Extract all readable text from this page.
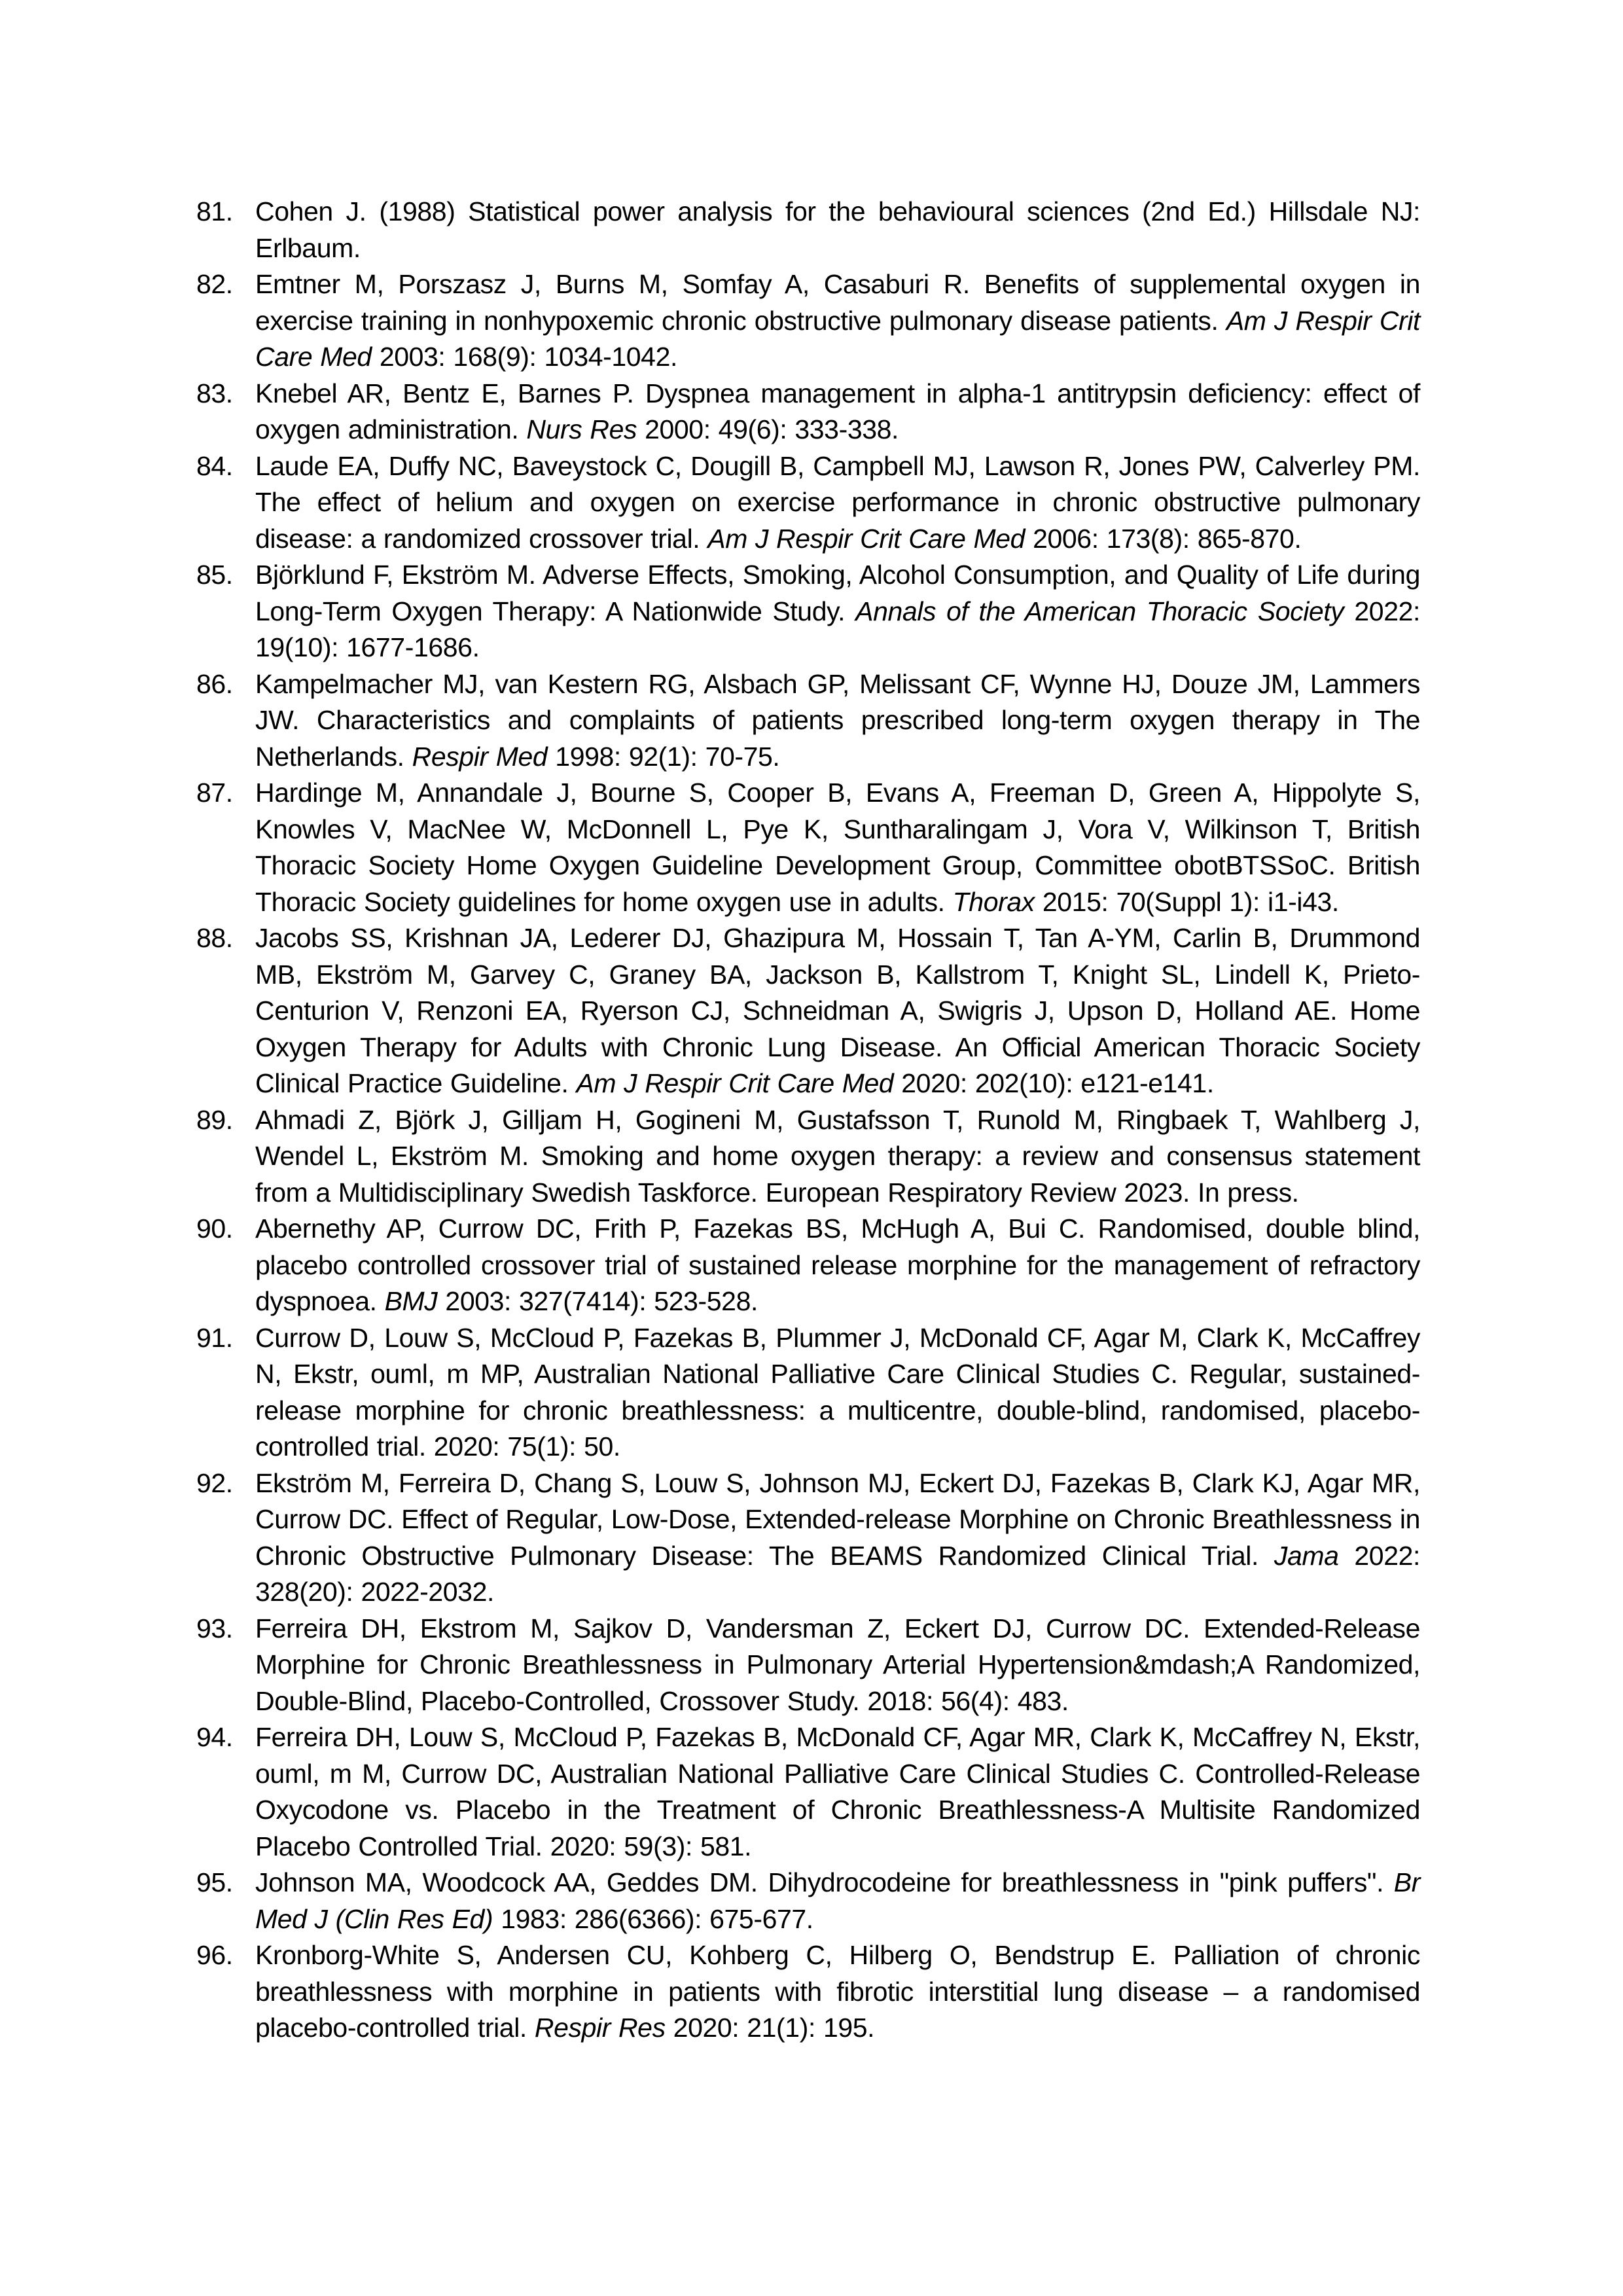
81. Cohen J. (1988) Statistical power analysis for the behavioural sciences (2nd Ed.) Hillsdale NJ: Erlbaum.
82. Emtner M, Porszasz J, Burns M, Somfay A, Casaburi R. Benefits of supplemental oxygen in exercise training in nonhypoxemic chronic obstructive pulmonary disease patients. Am J Respir Crit Care Med 2003: 168(9): 1034-1042.
83. Knebel AR, Bentz E, Barnes P. Dyspnea management in alpha-1 antitrypsin deficiency: effect of oxygen administration. Nurs Res 2000: 49(6): 333-338.
84. Laude EA, Duffy NC, Baveystock C, Dougill B, Campbell MJ, Lawson R, Jones PW, Calverley PM. The effect of helium and oxygen on exercise performance in chronic obstructive pulmonary disease: a randomized crossover trial. Am J Respir Crit Care Med 2006: 173(8): 865-870.
85. Björklund F, Ekström M. Adverse Effects, Smoking, Alcohol Consumption, and Quality of Life during Long-Term Oxygen Therapy: A Nationwide Study. Annals of the American Thoracic Society 2022: 19(10): 1677-1686.
86. Kampelmacher MJ, van Kestern RG, Alsbach GP, Melissant CF, Wynne HJ, Douze JM, Lammers JW. Characteristics and complaints of patients prescribed long-term oxygen therapy in The Netherlands. Respir Med 1998: 92(1): 70-75.
87. Hardinge M, Annandale J, Bourne S, Cooper B, Evans A, Freeman D, Green A, Hippolyte S, Knowles V, MacNee W, McDonnell L, Pye K, Suntharalingam J, Vora V, Wilkinson T, British Thoracic Society Home Oxygen Guideline Development Group, Committee obotBTSSoC. British Thoracic Society guidelines for home oxygen use in adults. Thorax 2015: 70(Suppl 1): i1-i43.
88. Jacobs SS, Krishnan JA, Lederer DJ, Ghazipura M, Hossain T, Tan A-YM, Carlin B, Drummond MB, Ekström M, Garvey C, Graney BA, Jackson B, Kallstrom T, Knight SL, Lindell K, Prieto-Centurion V, Renzoni EA, Ryerson CJ, Schneidman A, Swigris J, Upson D, Holland AE. Home Oxygen Therapy for Adults with Chronic Lung Disease. An Official American Thoracic Society Clinical Practice Guideline. Am J Respir Crit Care Med 2020: 202(10): e121-e141.
89. Ahmadi Z, Björk J, Gilljam H, Gogineni M, Gustafsson T, Runold M, Ringbaek T, Wahlberg J, Wendel L, Ekström M. Smoking and home oxygen therapy: a review and consensus statement from a Multidisciplinary Swedish Taskforce. European Respiratory Review 2023. In press.
90. Abernethy AP, Currow DC, Frith P, Fazekas BS, McHugh A, Bui C. Randomised, double blind, placebo controlled crossover trial of sustained release morphine for the management of refractory dyspnoea. BMJ 2003: 327(7414): 523-528.
91. Currow D, Louw S, McCloud P, Fazekas B, Plummer J, McDonald CF, Agar M, Clark K, McCaffrey N, Ekstr, ouml, m MP, Australian National Palliative Care Clinical Studies C. Regular, sustained-release morphine for chronic breathlessness: a multicentre, double-blind, randomised, placebo-controlled trial. 2020: 75(1): 50.
92. Ekström M, Ferreira D, Chang S, Louw S, Johnson MJ, Eckert DJ, Fazekas B, Clark KJ, Agar MR, Currow DC. Effect of Regular, Low-Dose, Extended-release Morphine on Chronic Breathlessness in Chronic Obstructive Pulmonary Disease: The BEAMS Randomized Clinical Trial. Jama 2022: 328(20): 2022-2032.
93. Ferreira DH, Ekstrom M, Sajkov D, Vandersman Z, Eckert DJ, Currow DC. Extended-Release Morphine for Chronic Breathlessness in Pulmonary Arterial Hypertension&mdash;A Randomized, Double-Blind, Placebo-Controlled, Crossover Study. 2018: 56(4): 483.
94. Ferreira DH, Louw S, McCloud P, Fazekas B, McDonald CF, Agar MR, Clark K, McCaffrey N, Ekstr, ouml, m M, Currow DC, Australian National Palliative Care Clinical Studies C. Controlled-Release Oxycodone vs. Placebo in the Treatment of Chronic Breathlessness-A Multisite Randomized Placebo Controlled Trial. 2020: 59(3): 581.
95. Johnson MA, Woodcock AA, Geddes DM. Dihydrocodeine for breathlessness in "pink puffers". Br Med J (Clin Res Ed) 1983: 286(6366): 675-677.
96. Kronborg-White S, Andersen CU, Kohberg C, Hilberg O, Bendstrup E. Palliation of chronic breathlessness with morphine in patients with fibrotic interstitial lung disease – a randomised placebo-controlled trial. Respir Res 2020: 21(1): 195.
